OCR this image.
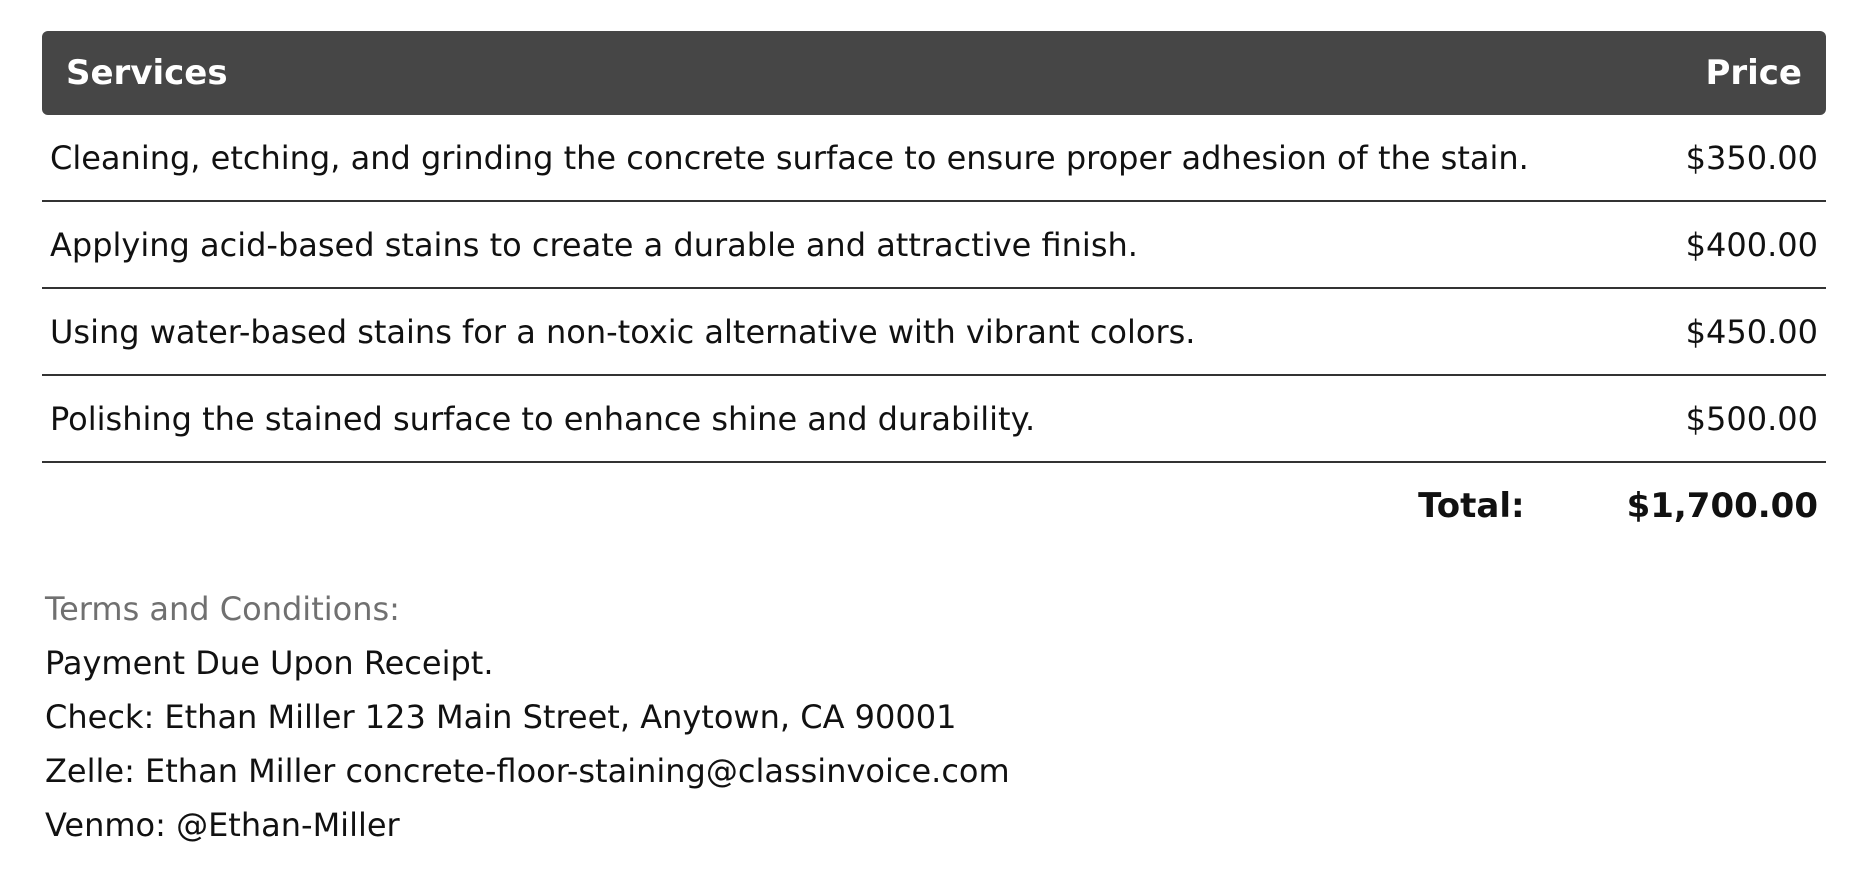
Services	Price
Cleaning, etching, and grinding the concrete surface to ensure proper adhesion of the stain.	$350.00
Applying acid-based stains to create a durable and attractive finish.	$400.00
Using water-based stains for a non-toxic alternative with vibrant colors.	$450.00
Polishing the stained surface to enhance shine and durability.	$500.00
Total:	$1,700.00
Terms and Conditions:
Payment Due Upon Receipt.
Check: Ethan Miller 123 Main Street, Anytown, CA 90001
Zelle: Ethan Miller concrete-floor-staining@classinvoice.com
Venmo: @Ethan-Miller
